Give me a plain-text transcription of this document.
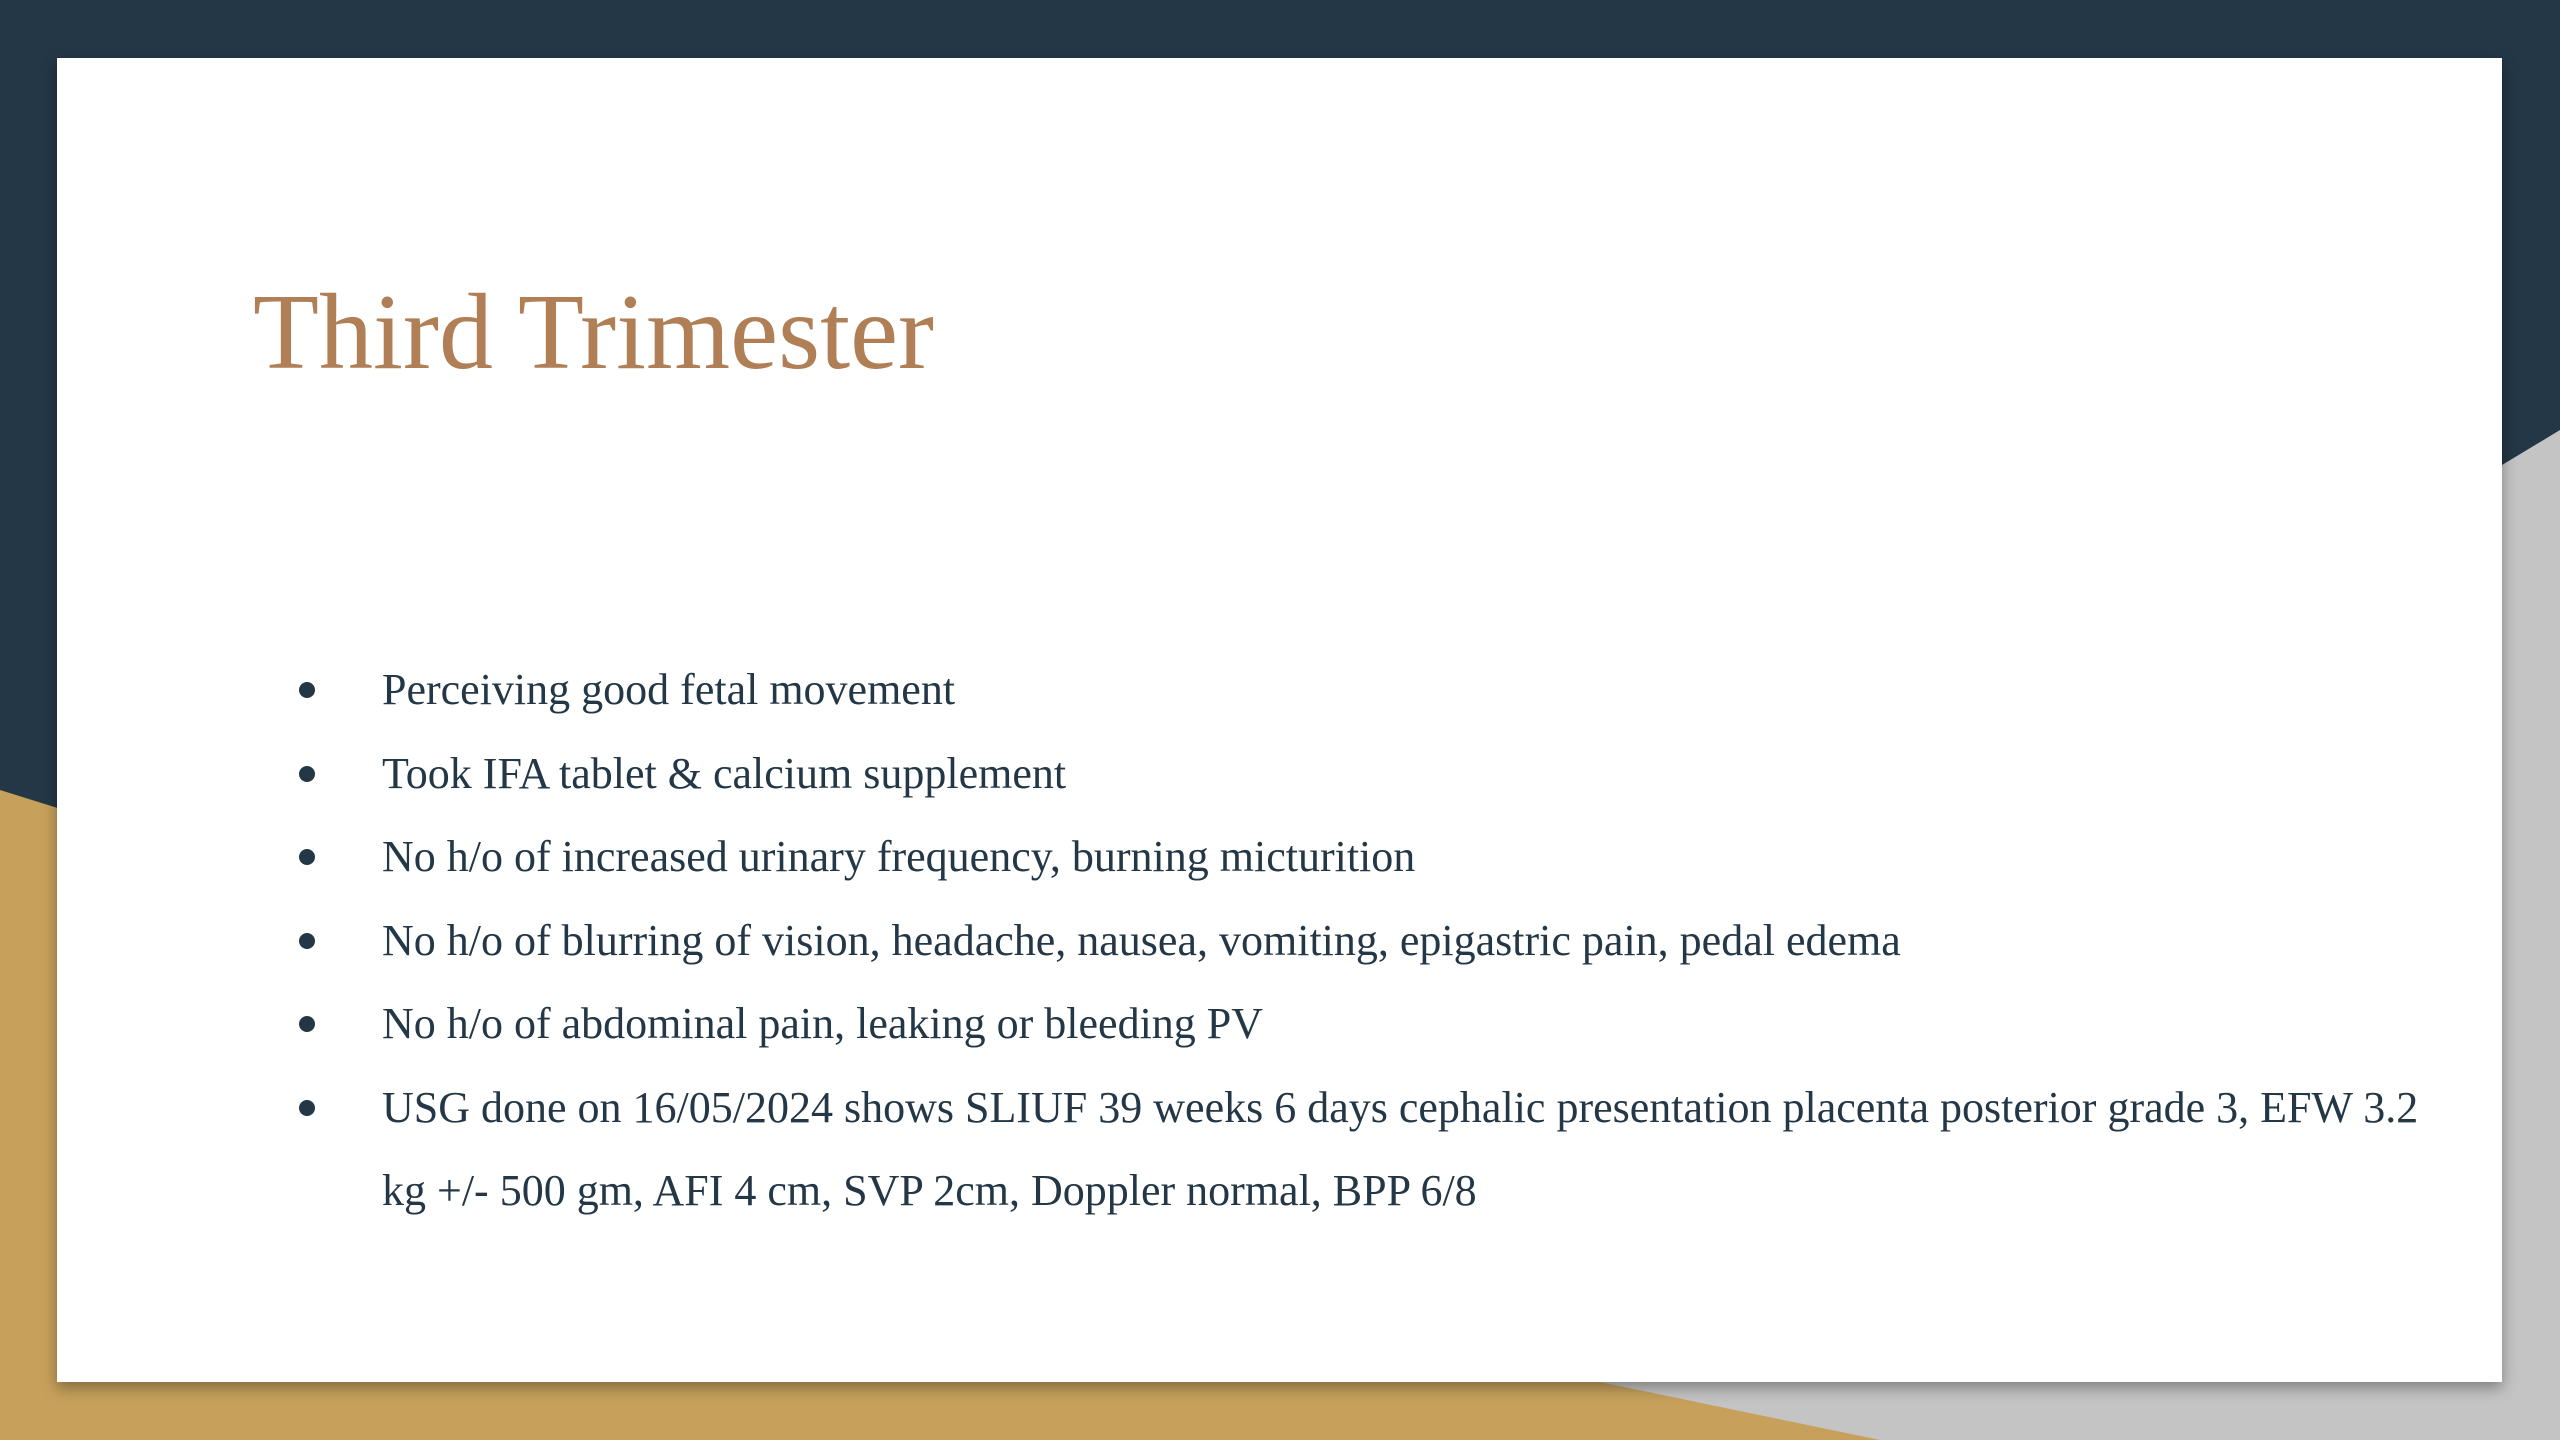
Third Trimester
Perceiving good fetal movement
Took IFA tablet & calcium supplement
No h/o of increased urinary frequency, burning micturition
No h/o of blurring of vision, headache, nausea, vomiting, epigastric pain, pedal edema
No h/o of abdominal pain, leaking or bleeding PV
USG done on 16/05/2024 shows SLIUF 39 weeks 6 days cephalic presentation placenta posterior grade 3, EFW 3.2 kg +/- 500 gm, AFI 4 cm, SVP 2cm, Doppler normal, BPP 6/8
